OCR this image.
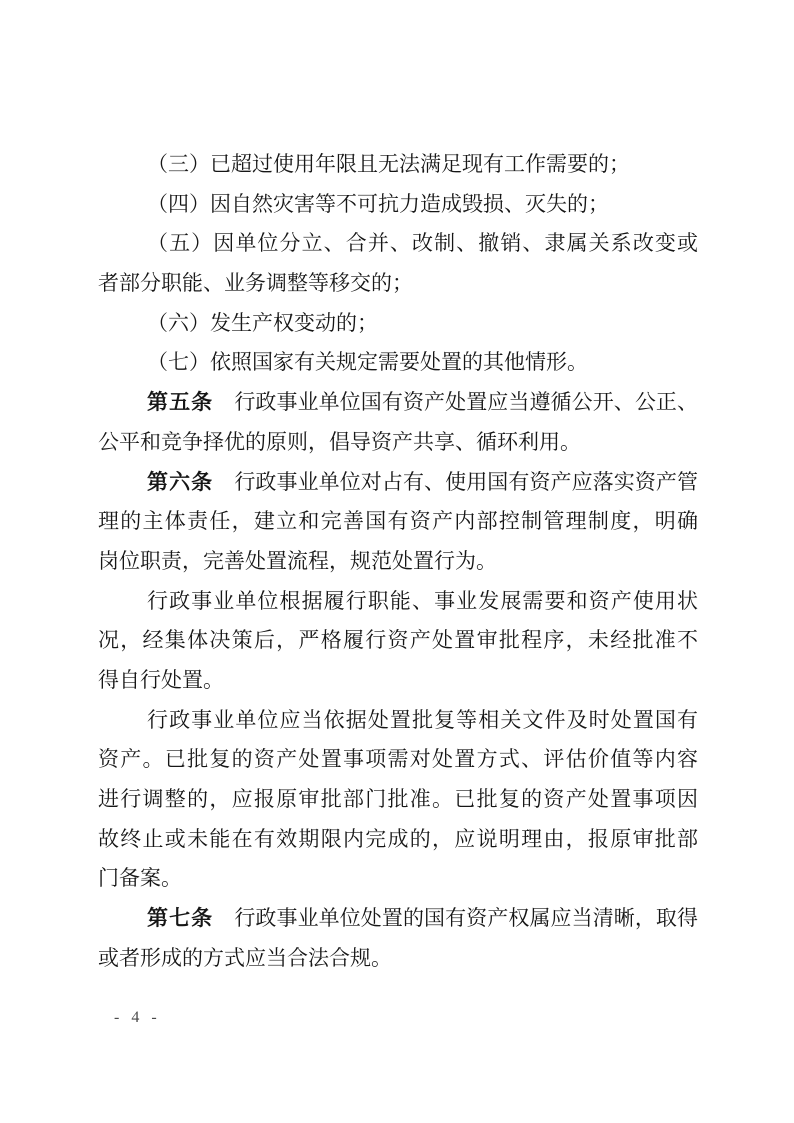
（三）已超过使用年限且无法满足现有工作需要的；
（四）因自然灾害等不可抗力造成毁损、灭失的；
（五）因单位分立、合并、改制、撤销、隶属关系改变或
者部分职能、业务调整等移交的；
（六）发生产权变动的；
（七）依照国家有关规定需要处置的其他情形。
第五条　行政事业单位国有资产处置应当遵循公开、公正、
公平和竞争择优的原则，倡导资产共享、循环利用。
第六条　行政事业单位对占有、使用国有资产应落实资产管
理的主体责任，建立和完善国有资产内部控制管理制度，明确
岗位职责，完善处置流程，规范处置行为。
行政事业单位根据履行职能、事业发展需要和资产使用状
况，经集体决策后，严格履行资产处置审批程序，未经批准不
得自行处置。
行政事业单位应当依据处置批复等相关文件及时处置国有
资产。已批复的资产处置事项需对处置方式、评估价值等内容
进行调整的，应报原审批部门批准。已批复的资产处置事项因
故终止或未能在有效期限内完成的，应说明理由，报原审批部
门备案。
第七条　行政事业单位处置的国有资产权属应当清晰，取得
或者形成的方式应当合法合规。
- 4 -
